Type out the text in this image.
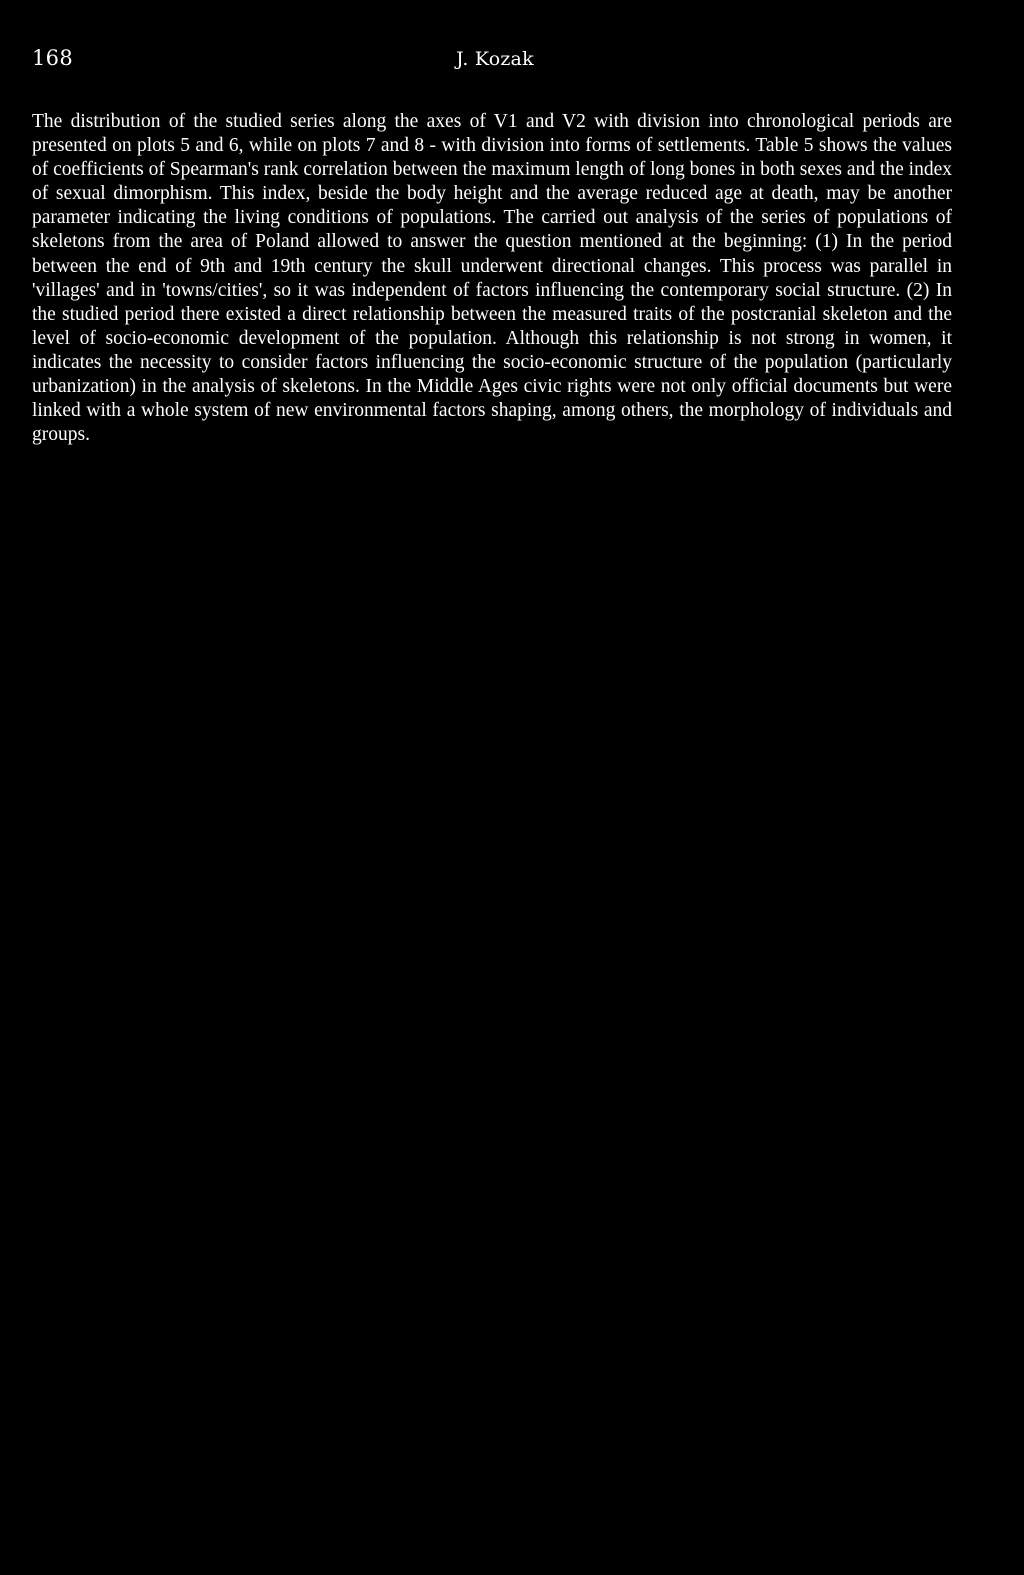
168	J. Kozak

The distribution of the studied series along the axes of V1 and V2 with division into chronological periods are presented on plots 5 and 6, while on plots 7 and 8 - with division into forms of settlements. Table 5 shows the values of coefficients of Spearman's rank correlation between the maximum length of long bones in both sexes and the index of sexual dimorphism. This index, beside the body height and the average reduced age at death, may be another parameter indicating the living conditions of populations. The carried out analysis of the series of populations of skeletons from the area of Poland allowed to answer the question mentioned at the beginning: (1) In the period between the end of 9th and 19th century the skull underwent directional changes. This process was parallel in 'villages' and in 'towns/cities', so it was independent of factors influencing the contemporary social structure. (2) In the studied period there existed a direct relationship between the measured traits of the postcranial skeleton and the level of socio-economic development of the population. Although this relationship is not strong in women, it indicates the necessity to consider factors influencing the socio-economic structure of the population (particularly urbanization) in the analysis of skeletons. In the Middle Ages civic rights were not only official documents but were linked with a whole system of new environmental factors shaping, among others, the morphology of individuals and groups.
